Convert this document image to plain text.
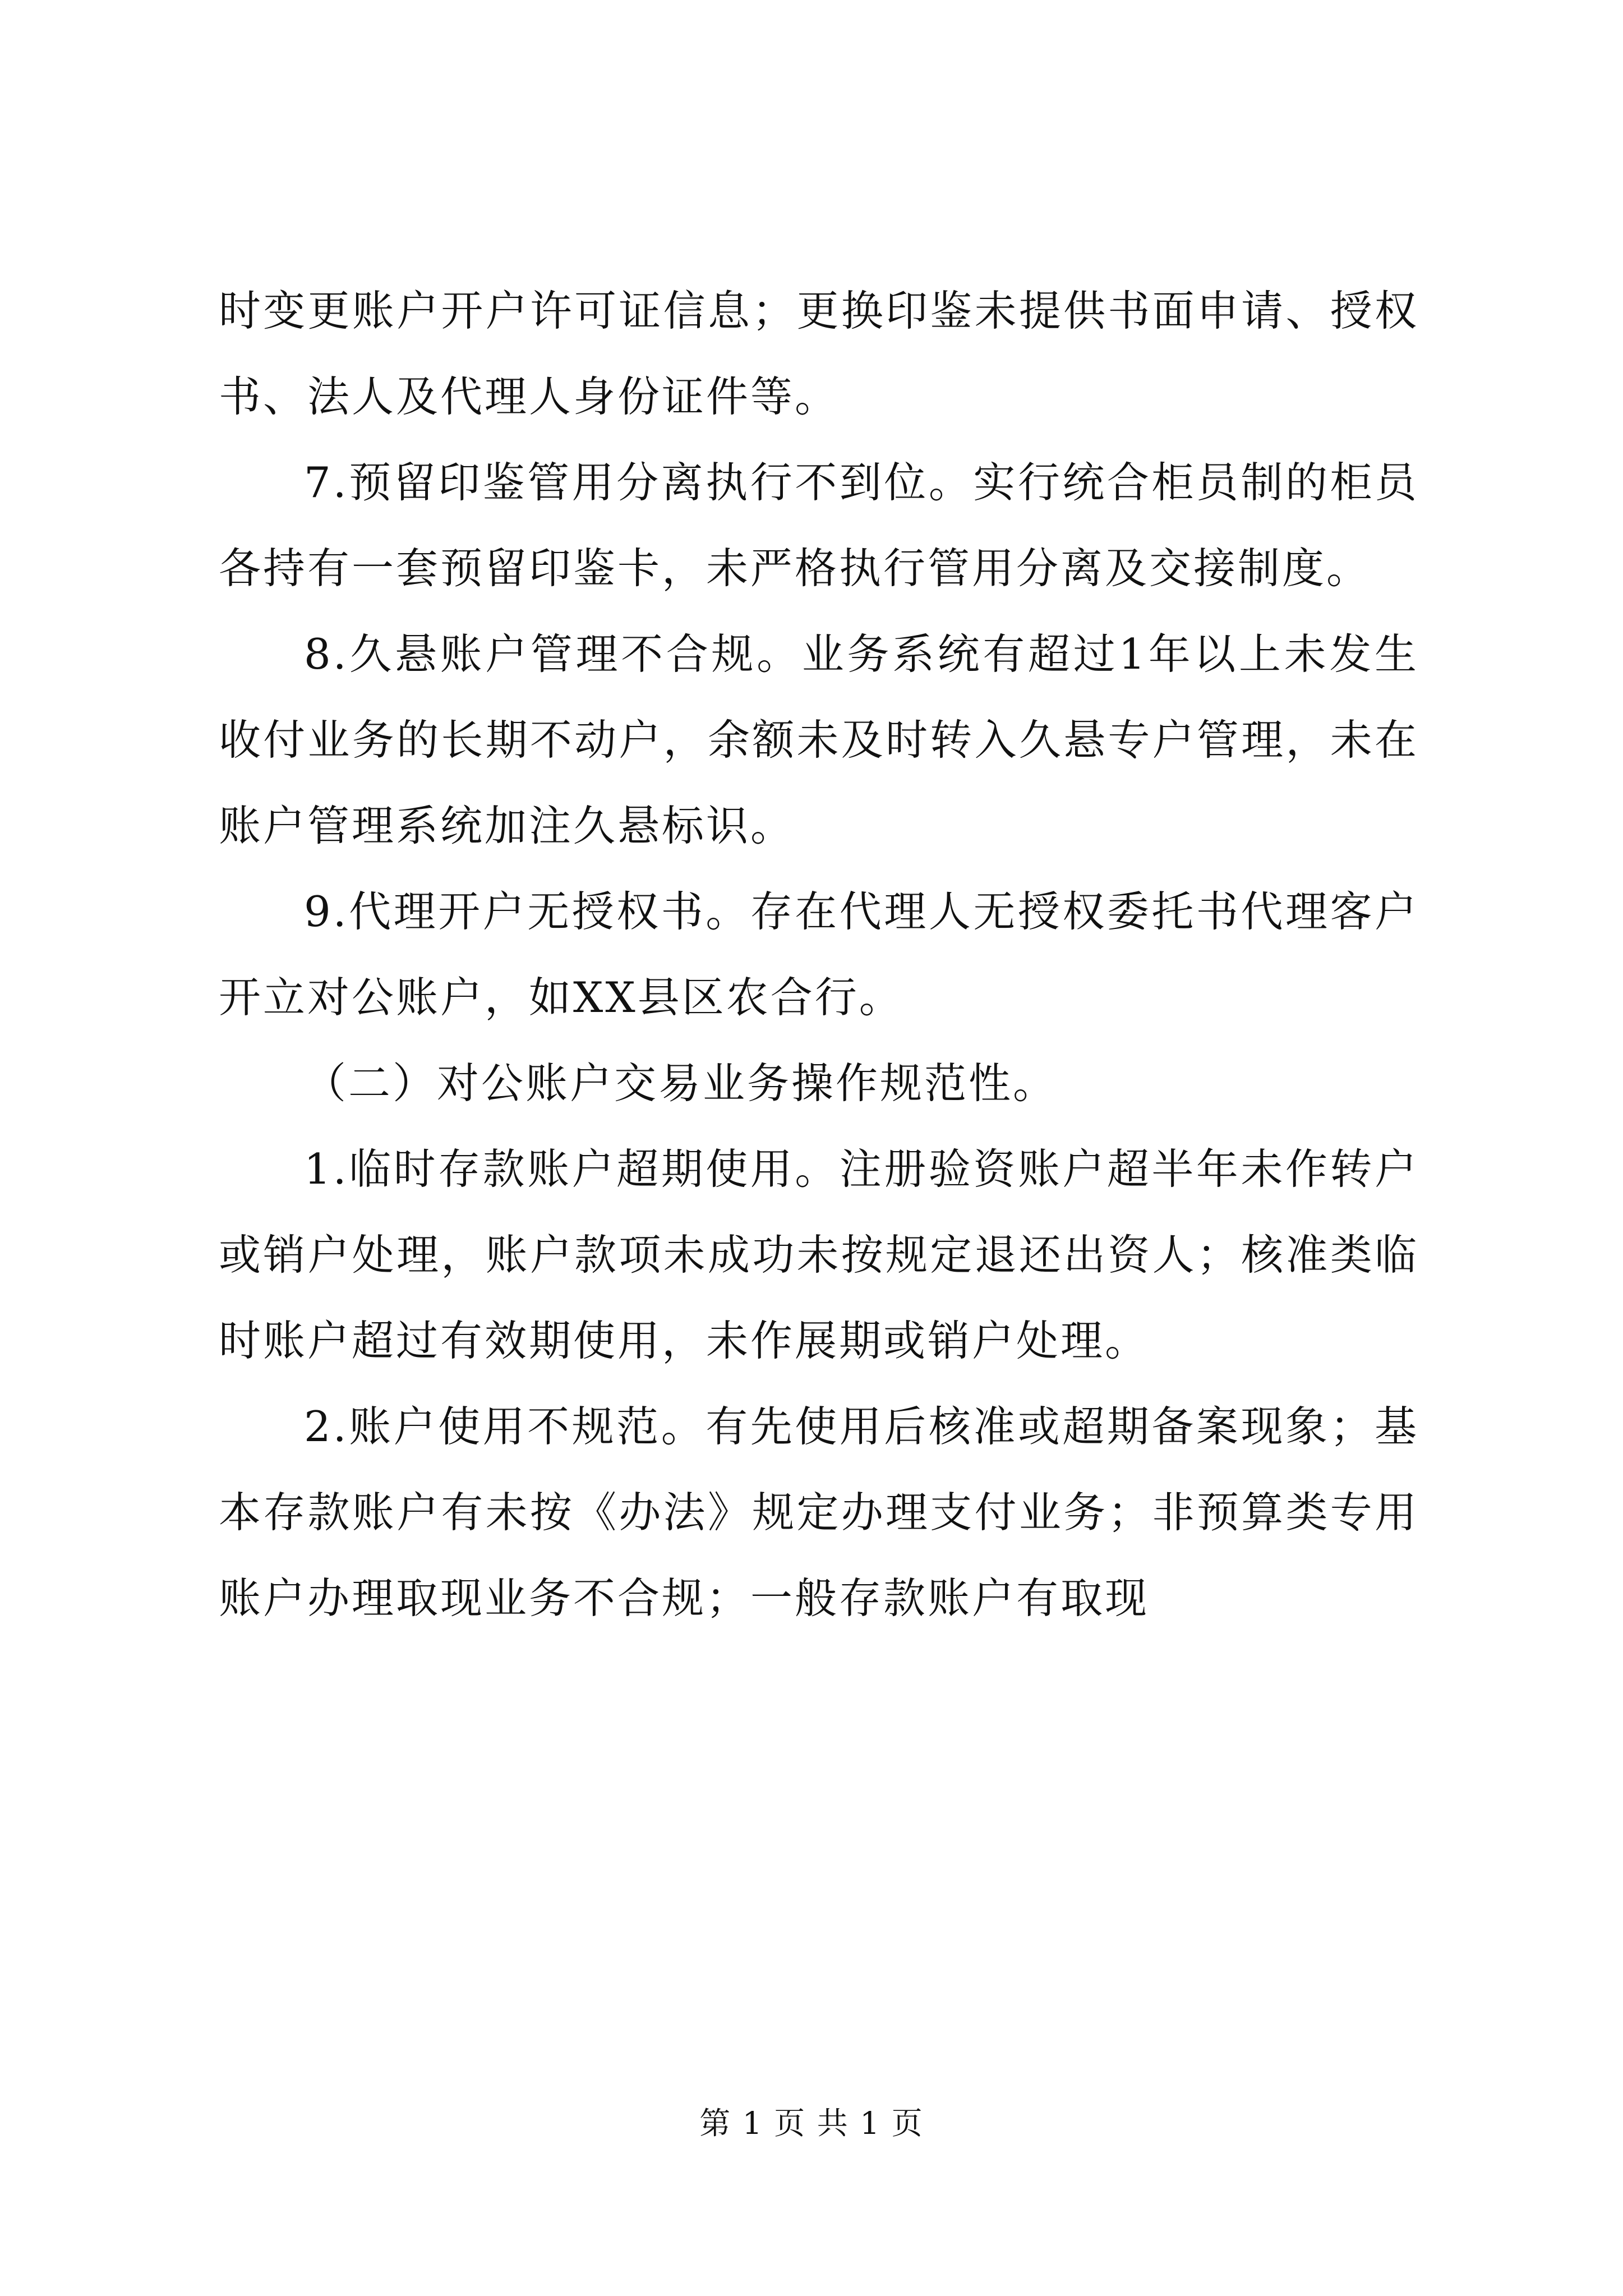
时变更账户开户许可证信息；更换印鉴未提供书面申请、授权书、法人及代理人身份证件等。

7.预留印鉴管用分离执行不到位。实行统合柜员制的柜员各持有一套预留印鉴卡，未严格执行管用分离及交接制度。

8.久悬账户管理不合规。业务系统有超过1年以上未发生收付业务的长期不动户，余额未及时转入久悬专户管理，未在账户管理系统加注久悬标识。

9.代理开户无授权书。存在代理人无授权委托书代理客户开立对公账户，如XX县区农合行。

（二）对公账户交易业务操作规范性。

1.临时存款账户超期使用。注册验资账户超半年未作转户或销户处理，账户款项未成功未按规定退还出资人；核准类临时账户超过有效期使用，未作展期或销户处理。

2.账户使用不规范。有先使用后核准或超期备案现象；基本存款账户有未按《办法》规定办理支付业务；非预算类专用账户办理取现业务不合规；一般存款账户有取现

第 1 页 共 1 页
